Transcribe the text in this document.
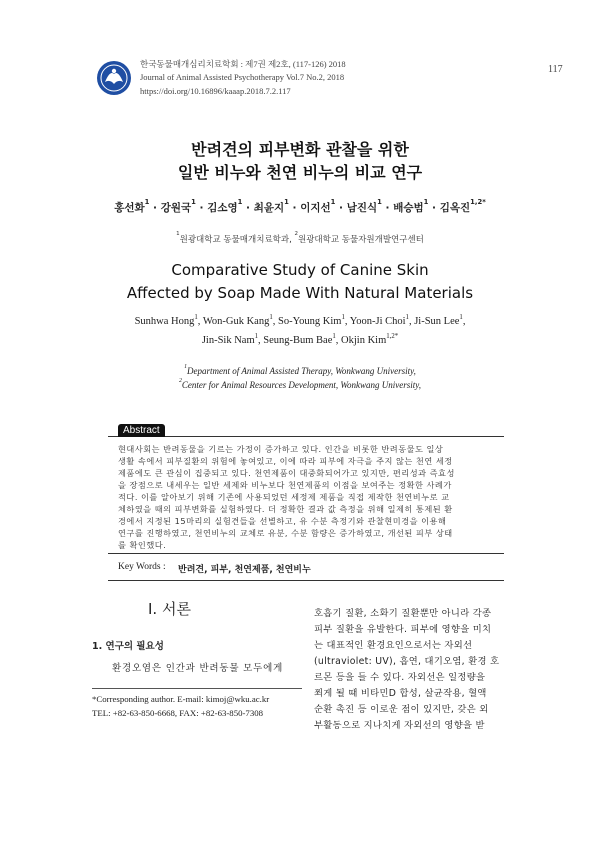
한국동물매개심리치료학회 : 제7권 제2호, (117-126) 2018
Journal of Animal Assisted Psychotherapy Vol.7 No.2, 2018
https://doi.org/10.16896/kaaap.2018.7.2.117
117
반려견의 피부변화 관찰을 위한
일반 비누와 천연 비누의 비교 연구
홍선화$^1$ · 강원국$^1$ · 김소영$^1$ · 최윤지$^1$ · 이지선$^1$ · 남진식$^1$ · 배승범$^1$ · 김옥진$^{1,2*}$
$^1$원광대학교 동물매개치료학과, $^2$원광대학교 동물자원개발연구센터
Comparative Study of Canine Skin
Affected by Soap Made With Natural Materials
Sunhwa Hong$^1$, Won-Guk Kang$^1$, So-Young Kim$^1$, Yoon-Ji Choi$^1$, Ji-Sun Lee$^1$,
Jin-Sik Nam$^1$, Seung-Bum Bae$^1$, Okjin Kim$^{1,2*}$
$^1$Department of Animal Assisted Therapy, Wonkwang University,
$^2$Center for Animal Resources Development, Wonkwang University,
Abstract
현대사회는 반려동물을 기르는 가정이 증가하고 있다. 인간을 비롯한 반려동물도 일상
생활 속에서 피부질환의 위험에 놓여있고, 이에 따라 피부에 자극을 주지 않는 천연 세정
제품에도 큰 관심이 집중되고 있다. 천연제품이 대중화되어가고 있지만, 편리성과 즉효성
을 장점으로 내세우는 일반 세제와 비누보다 천연제품의 이점을 보여주는 정확한 사례가
적다. 이를 알아보기 위해 기존에 사용되었던 세정제 제품을 직접 제작한 천연비누로 교
체하였을 때의 피부변화를 실험하였다. 더 정확한 결과 값 측정을 위해 일제히 통제된 환
경에서 지정된 15마리의 실험견들을 선별하고, 유 수분 측정기와 관찰현미경을 이용해
연구를 진행하였고, 천연비누의 교체로 유분, 수분 함량은 증가하였고, 개선된 피부 상태
를 확인했다.
Key Words : 반려견, 피부, 천연제품, 천연비누
Ⅰ. 서론
1. 연구의 필요성
환경오염은 인간과 반려동물 모두에게
*Corresponding author. E-mail: kimoj@wku.ac.kr
TEL: +82-63-850-6668, FAX: +82-63-850-7308
호흡기 질환, 소화기 질환뿐만 아니라 각종
피부 질환을 유발한다. 피부에 영향을 미치
는 대표적인 환경요인으로서는 자외선
(ultraviolet: UV), 흡연, 대기오염, 환경 호
르몬 등을 들 수 있다. 자외선은 일정량을
쬐게 될 때 비타민D 합성, 살균작용, 혈액
순환 촉진 등 이로운 점이 있지만, 갖은 외
부활동으로 지나치게 자외선의 영향을 받
